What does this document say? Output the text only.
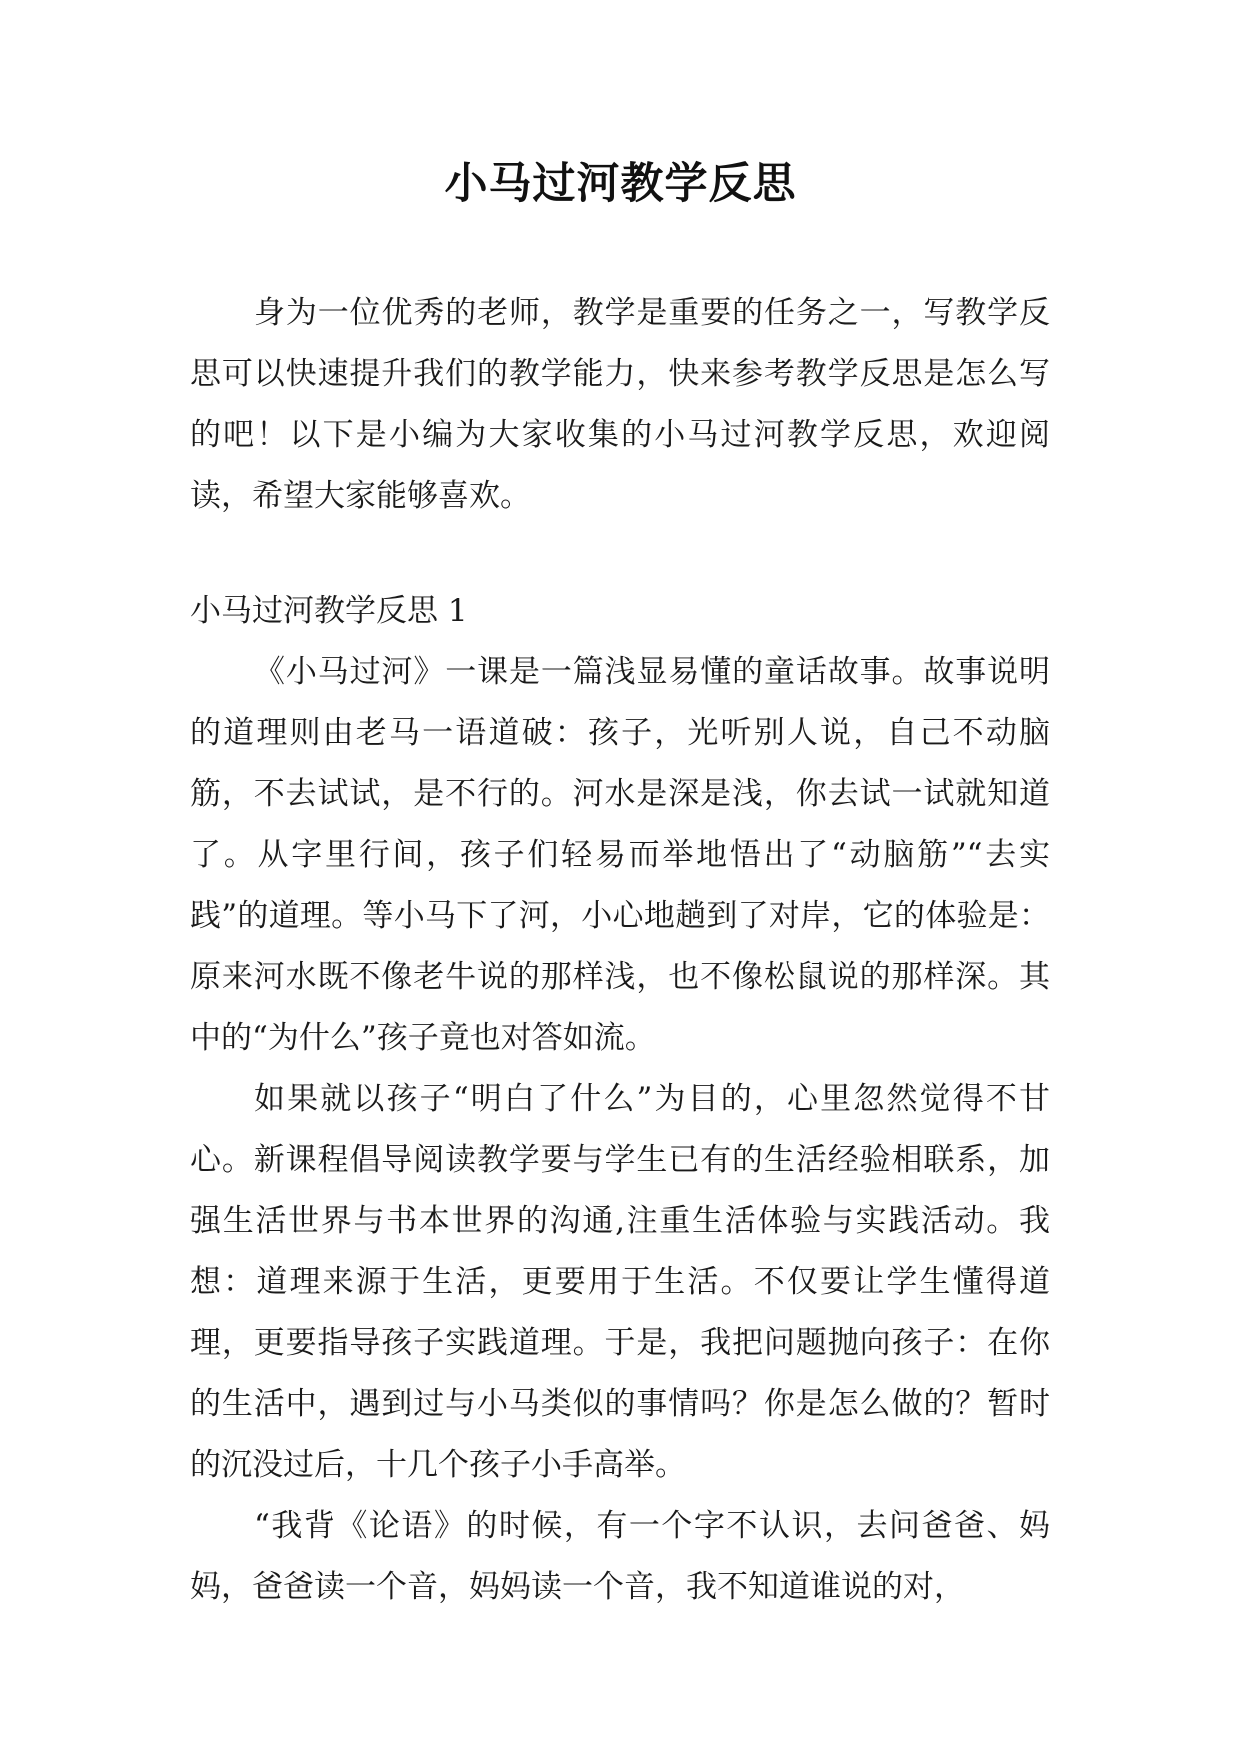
小马过河教学反思

身为一位优秀的老师，教学是重要的任务之一，写教学反思可以快速提升我们的教学能力，快来参考教学反思是怎么写的吧！以下是小编为大家收集的小马过河教学反思，欢迎阅读，希望大家能够喜欢。

小马过河教学反思 1

《小马过河》一课是一篇浅显易懂的童话故事。故事说明的道理则由老马一语道破：孩子，光听别人说，自己不动脑筋，不去试试，是不行的。河水是深是浅，你去试一试就知道了。从字里行间，孩子们轻易而举地悟出了“动脑筋”“去实践”的道理。等小马下了河，小心地趟到了对岸，它的体验是：原来河水既不像老牛说的那样浅，也不像松鼠说的那样深。其中的“为什么”孩子竟也对答如流。

如果就以孩子“明白了什么”为目的，心里忽然觉得不甘心。新课程倡导阅读教学要与学生已有的生活经验相联系，加强生活世界与书本世界的沟通,注重生活体验与实践活动。我想：道理来源于生活，更要用于生活。不仅要让学生懂得道理，更要指导孩子实践道理。于是，我把问题抛向孩子：在你的生活中，遇到过与小马类似的事情吗？你是怎么做的？暂时的沉没过后，十几个孩子小手高举。

“我背《论语》的时候，有一个字不认识，去问爸爸、妈妈，爸爸读一个音，妈妈读一个音，我不知道谁说的对，
